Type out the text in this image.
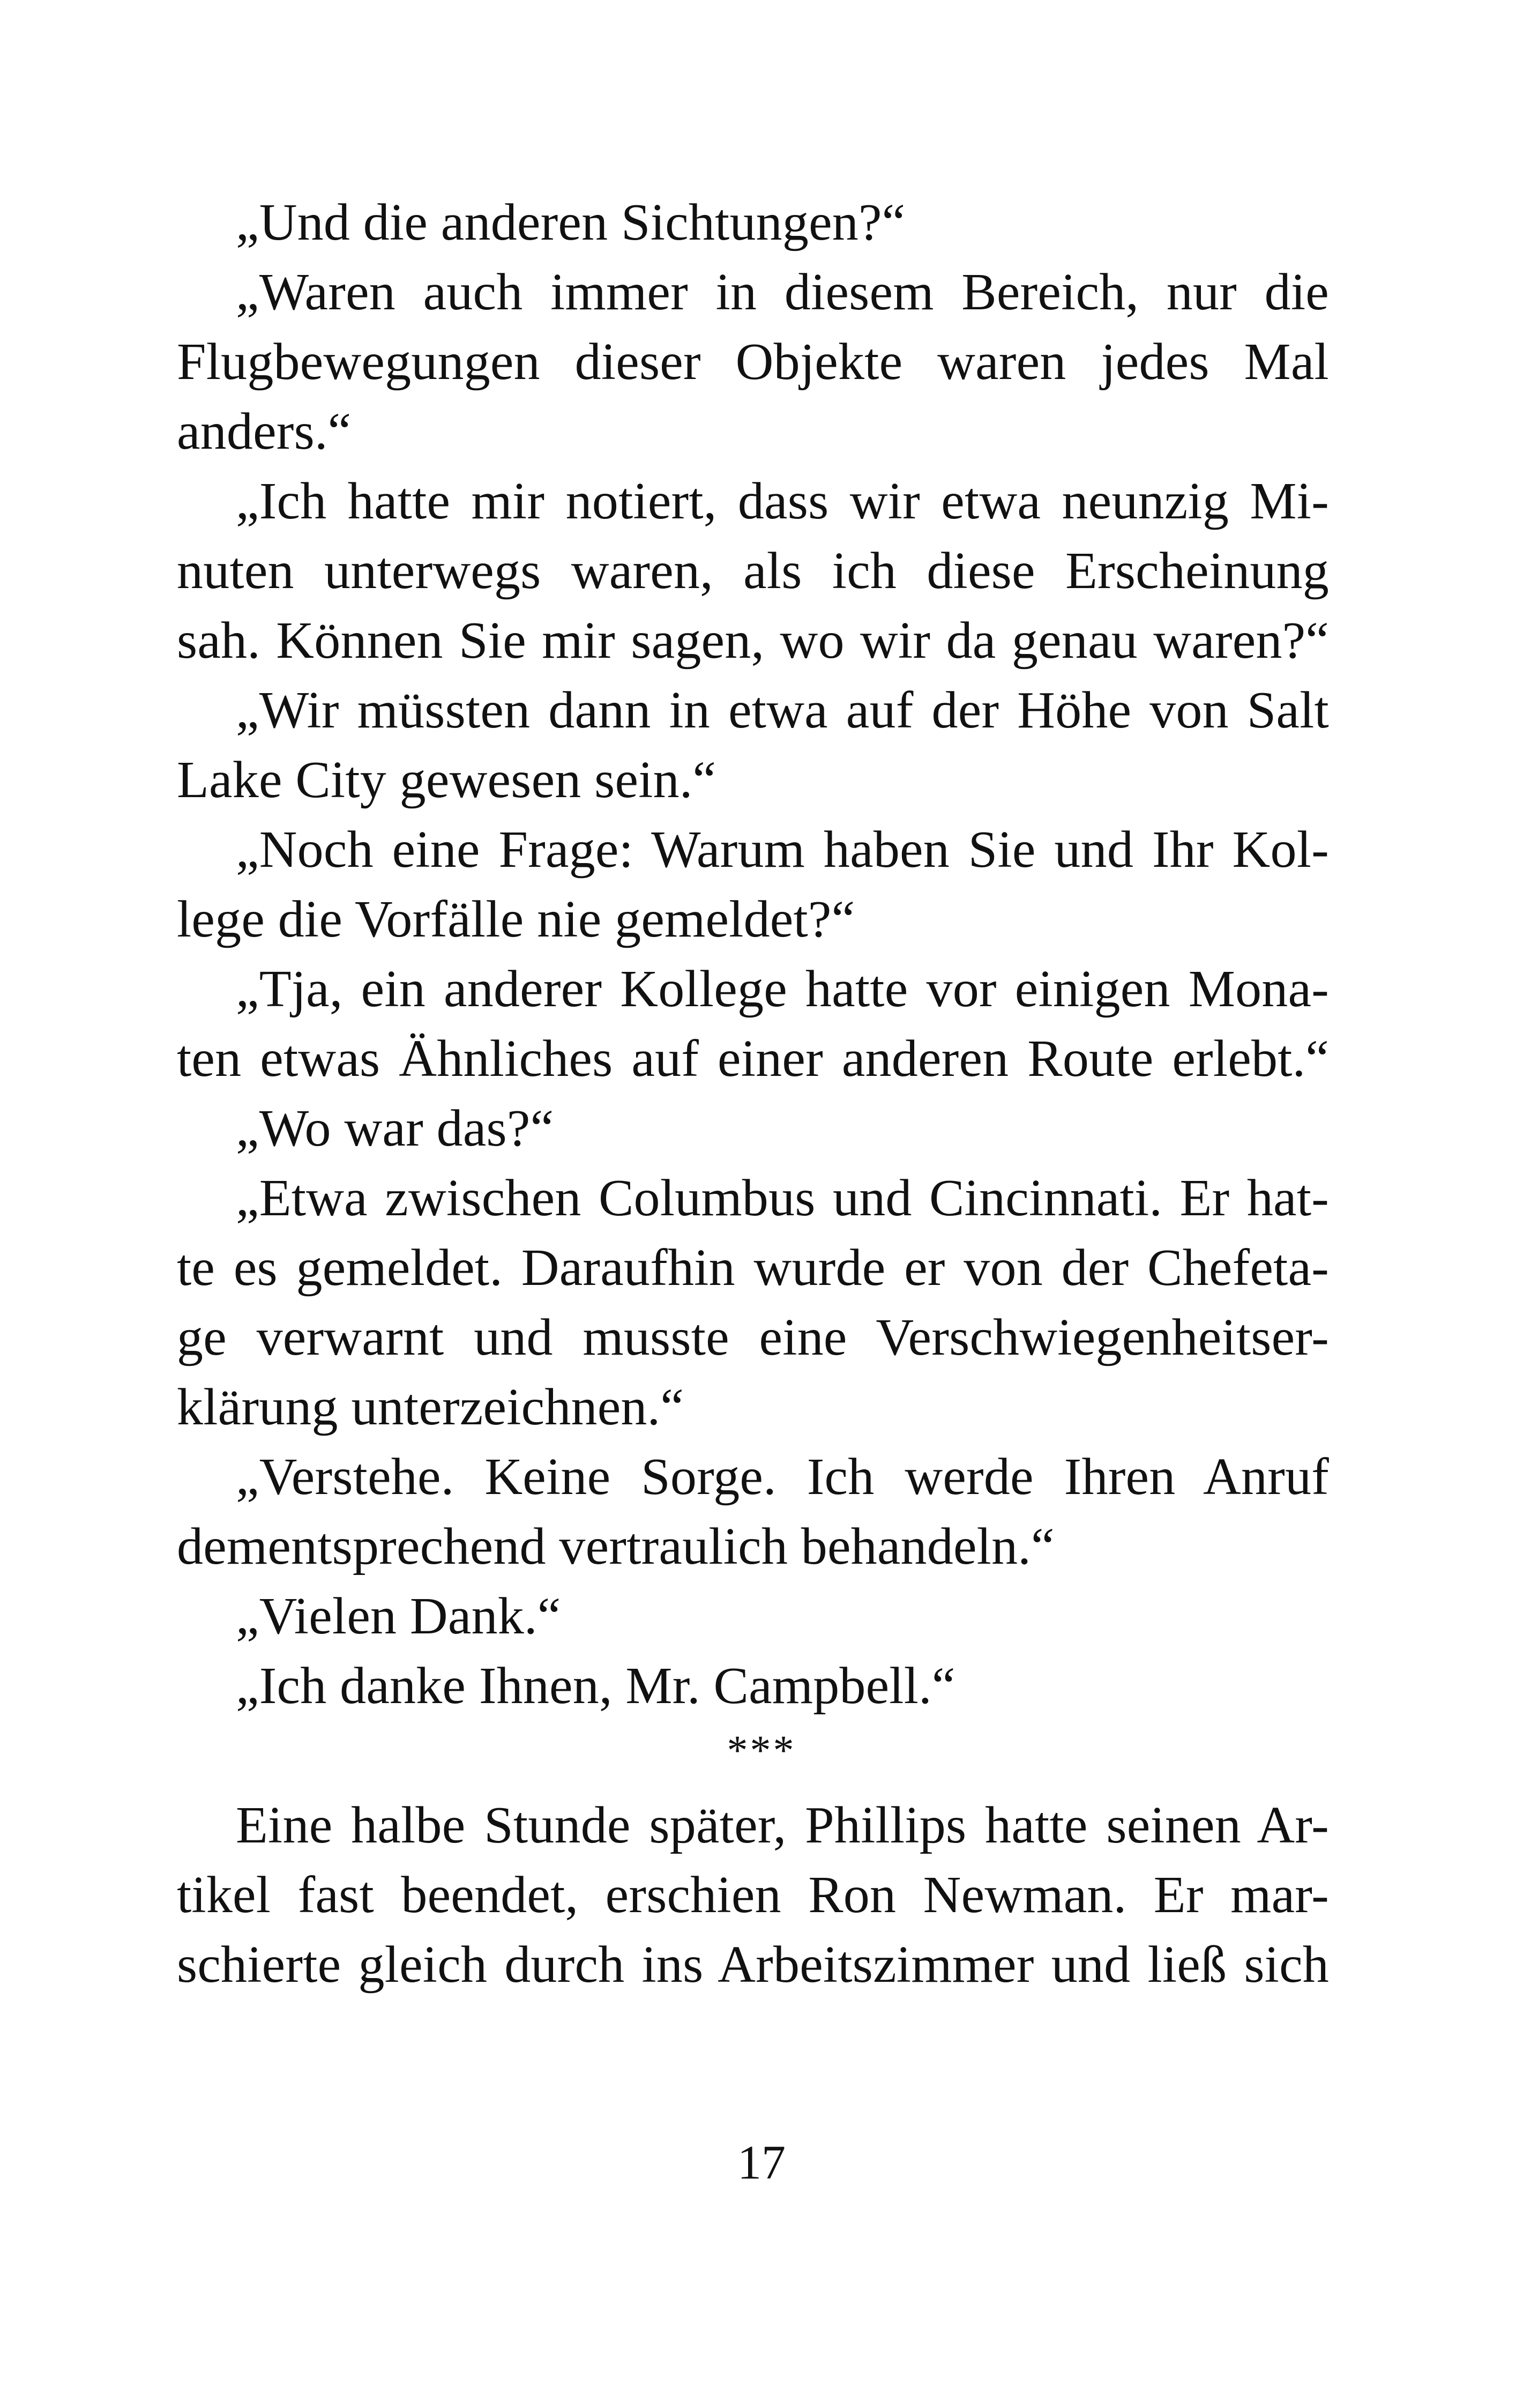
„Und die anderen Sichtungen?“
„Waren auch immer in diesem Bereich, nur die
Flugbewegungen dieser Objekte waren jedes Mal
anders.“
„Ich hatte mir notiert, dass wir etwa neunzig Mi-
nuten unterwegs waren, als ich diese Erscheinung
sah. Können Sie mir sagen, wo wir da genau waren?“
„Wir müssten dann in etwa auf der Höhe von Salt
Lake City gewesen sein.“
„Noch eine Frage: Warum haben Sie und Ihr Kol-
lege die Vorfälle nie gemeldet?“
„Tja, ein anderer Kollege hatte vor einigen Mona-
ten etwas Ähnliches auf einer anderen Route erlebt.“
„Wo war das?“
„Etwa zwischen Columbus und Cincinnati. Er hat-
te es gemeldet. Daraufhin wurde er von der Chefeta-
ge verwarnt und musste eine Verschwiegenheitser-
klärung unterzeichnen.“
„Verstehe. Keine Sorge. Ich werde Ihren Anruf
dementsprechend vertraulich behandeln.“
„Vielen Dank.“
„Ich danke Ihnen, Mr. Campbell.“
***
Eine halbe Stunde später, Phillips hatte seinen Ar-
tikel fast beendet, erschien Ron Newman. Er mar-
schierte gleich durch ins Arbeitszimmer und ließ sich
17
